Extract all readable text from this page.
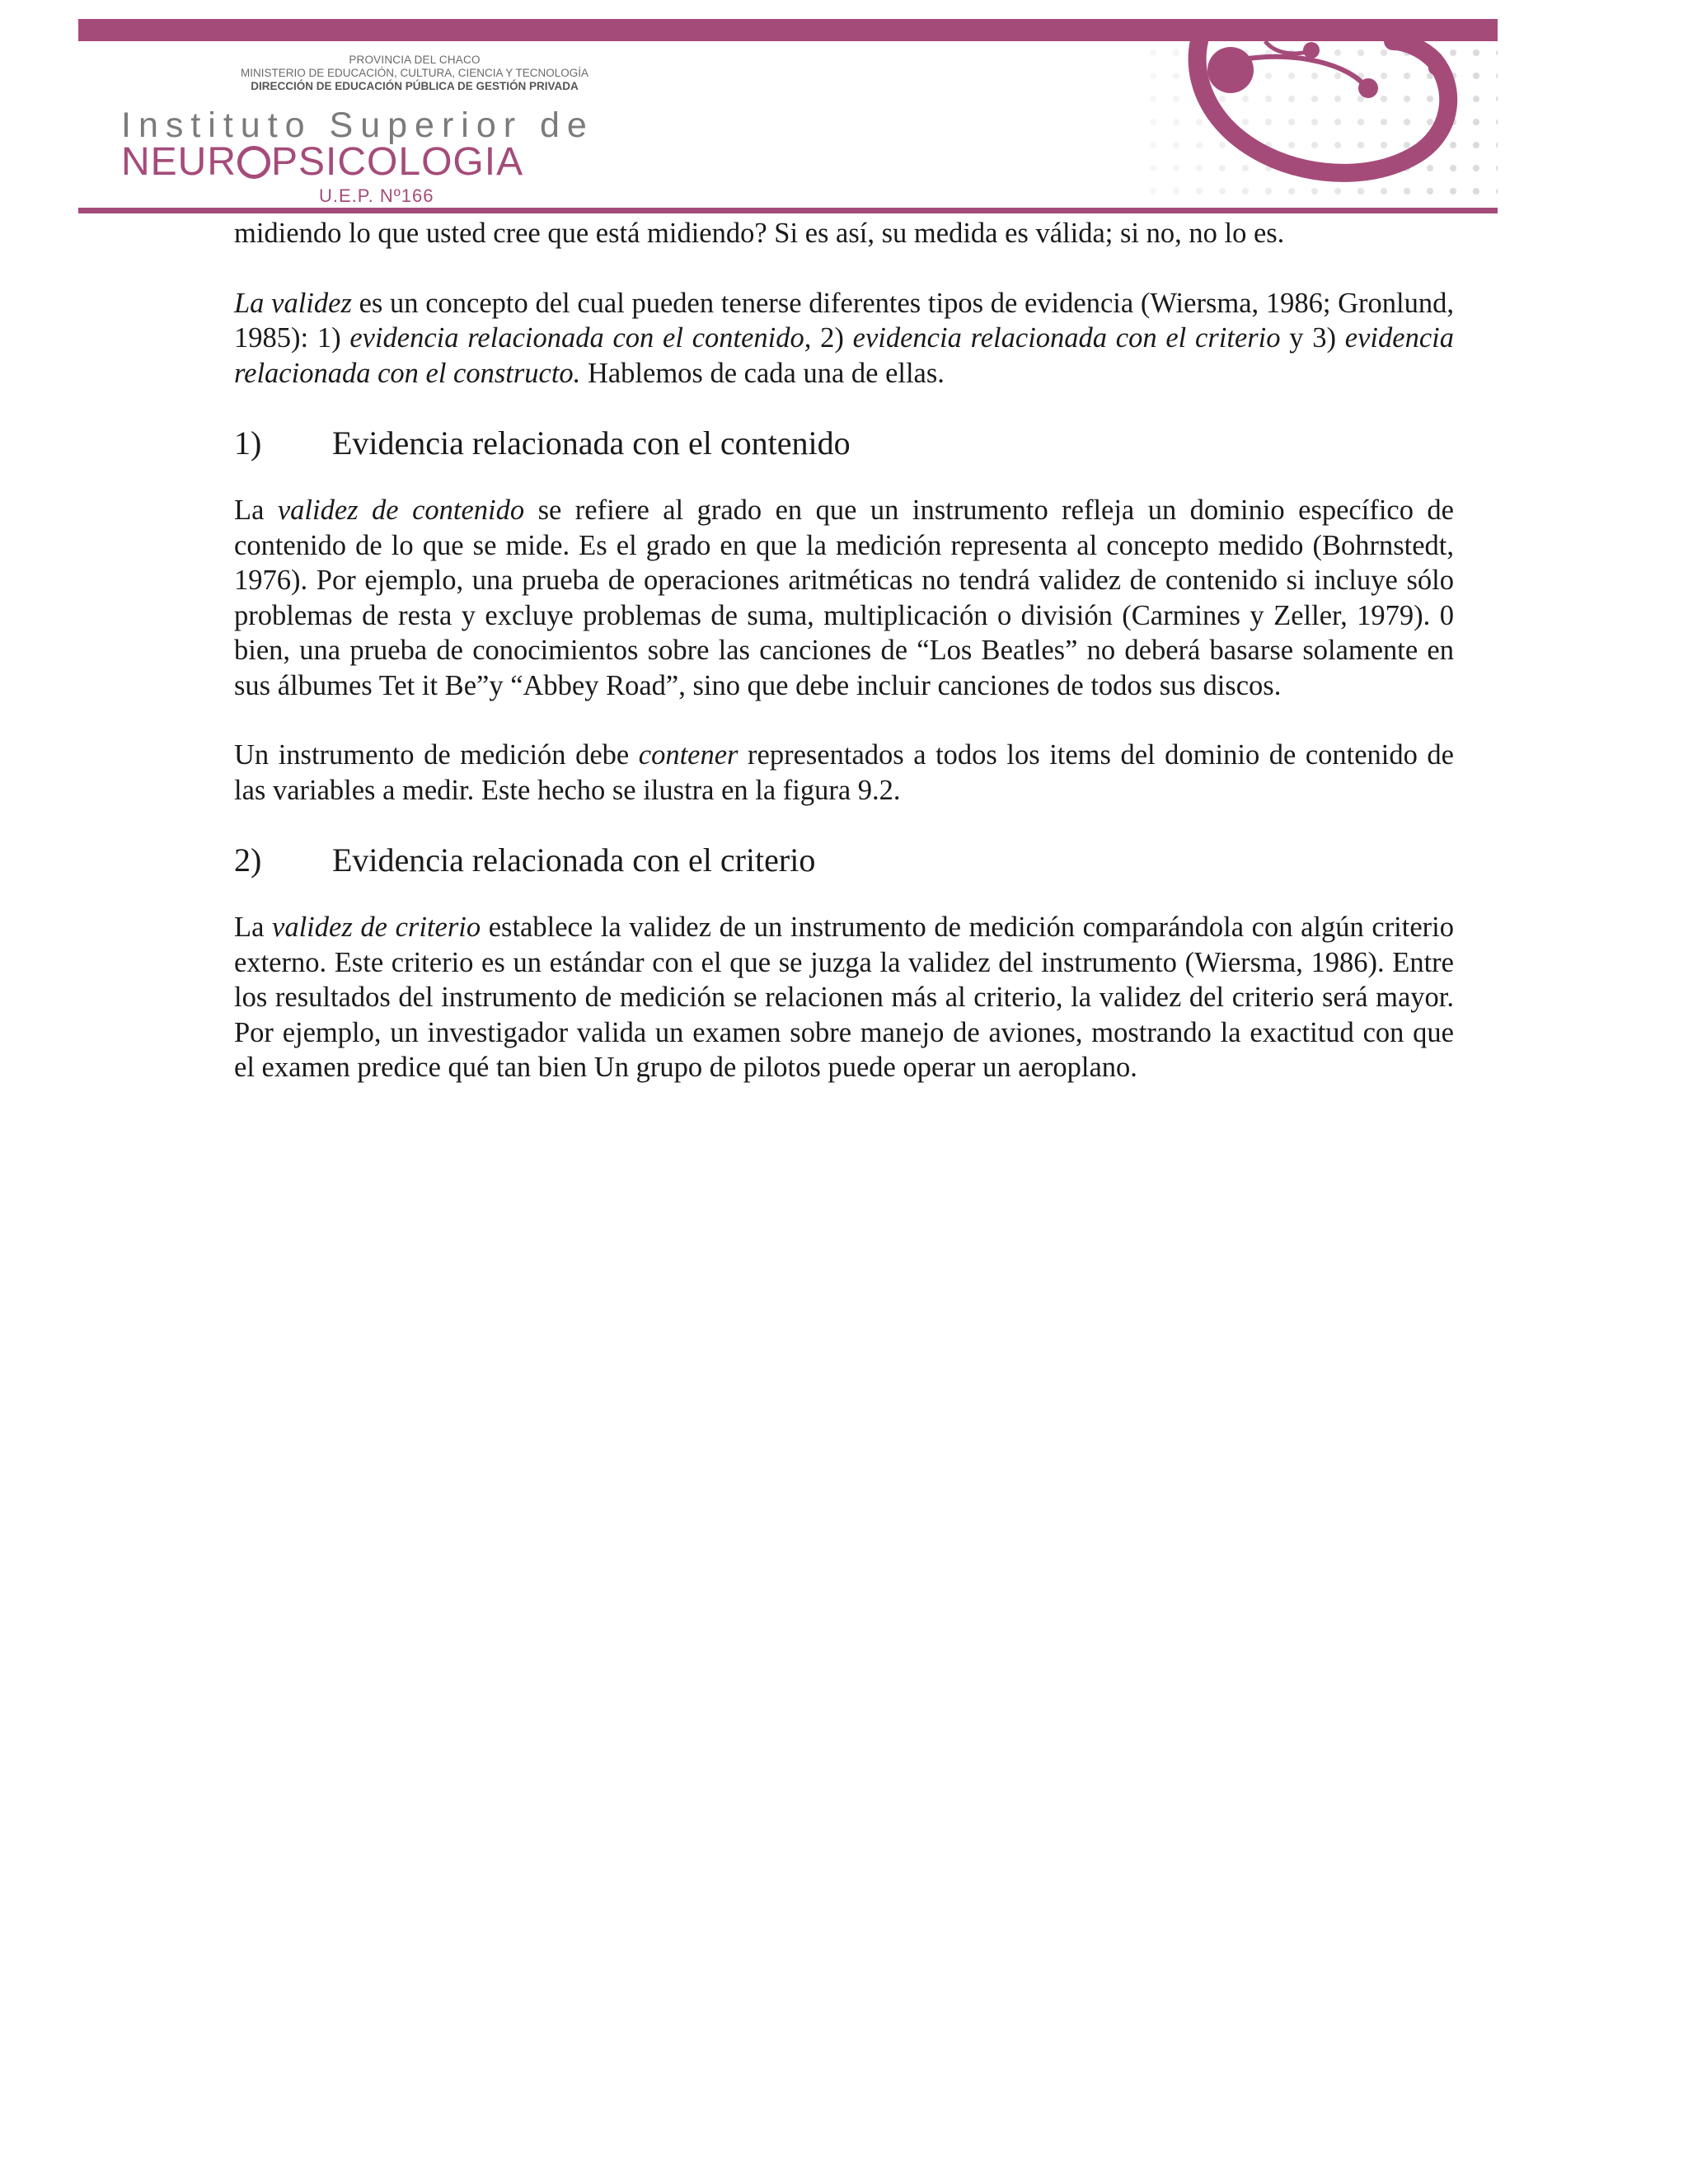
PROVINCIA DEL CHACO
MINISTERIO DE EDUCACIÓN, CULTURA, CIENCIA Y TECNOLOGÍA
DIRECCIÓN DE EDUCACIÓN PÚBLICA DE GESTIÓN PRIVADA
Instituto Superior de
NEUR PSICOLOGIA
U.E.P. Nº166

midiendo lo que usted cree que está midiendo? Si es así, su medida es válida; si no, no lo es.

La validez es un concepto del cual pueden tenerse diferentes tipos de evidencia (Wiersma, 1986; Gronlund, 1985): 1) evidencia relacionada con el contenido, 2) evidencia relacionada con el criterio y 3) evidencia relacionada con el constructo. Hablemos de cada una de ellas.

1) Evidencia relacionada con el contenido

La validez de contenido se refiere al grado en que un instrumento refleja un dominio específico de contenido de lo que se mide. Es el grado en que la medición representa al concepto medido (Bohrnstedt, 1976). Por ejemplo, una prueba de operaciones aritméticas no tendrá validez de contenido si incluye sólo problemas de resta y excluye problemas de suma, multiplicación o división (Carmines y Zeller, 1979). 0 bien, una prueba de conocimientos sobre las canciones de “Los Beatles” no deberá basarse solamente en sus álbumes Tet it Be”y “Abbey Road”, sino que debe incluir canciones de todos sus discos.

Un instrumento de medición debe contener representados a todos los items del dominio de contenido de las variables a medir. Este hecho se ilustra en la figura 9.2.

2) Evidencia relacionada con el criterio

La validez de criterio establece la validez de un instrumento de medición comparándola con algún criterio externo. Este criterio es un estándar con el que se juzga la validez del instrumento (Wiersma, 1986). Entre los resultados del instrumento de medición se relacionen más al criterio, la validez del criterio será mayor. Por ejemplo, un investigador valida un examen sobre manejo de aviones, mostrando la exactitud con que el examen predice qué tan bien Un grupo de pilotos puede operar un aeroplano.
